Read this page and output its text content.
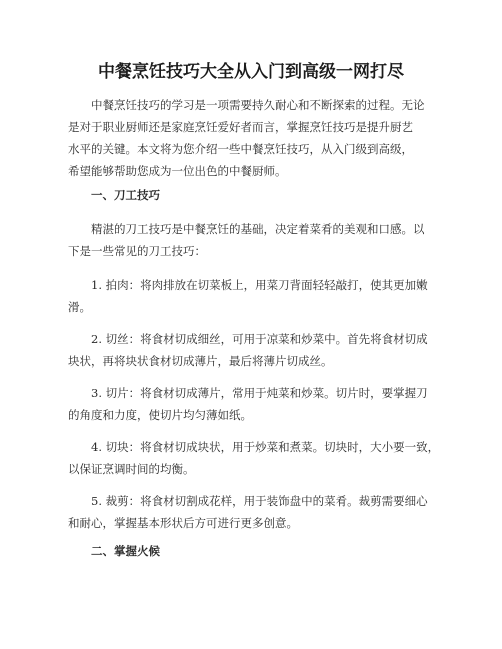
中餐烹饪技巧大全从入门到高级一网打尽

中餐烹饪技巧的学习是一项需要持久耐心和不断探索的过程。无论
是对于职业厨师还是家庭烹饪爱好者而言，掌握烹饪技巧是提升厨艺
水平的关键。本文将为您介绍一些中餐烹饪技巧，从入门级到高级，
希望能够帮助您成为一位出色的中餐厨师。

一、刀工技巧

精湛的刀工技巧是中餐烹饪的基础，决定着菜肴的美观和口感。以
下是一些常见的刀工技巧：

1. 拍肉：将肉排放在切菜板上，用菜刀背面轻轻敲打，使其更加嫩
滑。

2. 切丝：将食材切成细丝，可用于凉菜和炒菜中。首先将食材切成
块状，再将块状食材切成薄片，最后将薄片切成丝。

3. 切片：将食材切成薄片，常用于炖菜和炒菜。切片时，要掌握刀
的角度和力度，使切片均匀薄如纸。

4. 切块：将食材切成块状，用于炒菜和煮菜。切块时，大小要一致，
以保证烹调时间的均衡。

5. 裁剪：将食材切割成花样，用于装饰盘中的菜肴。裁剪需要细心
和耐心，掌握基本形状后方可进行更多创意。

二、掌握火候
